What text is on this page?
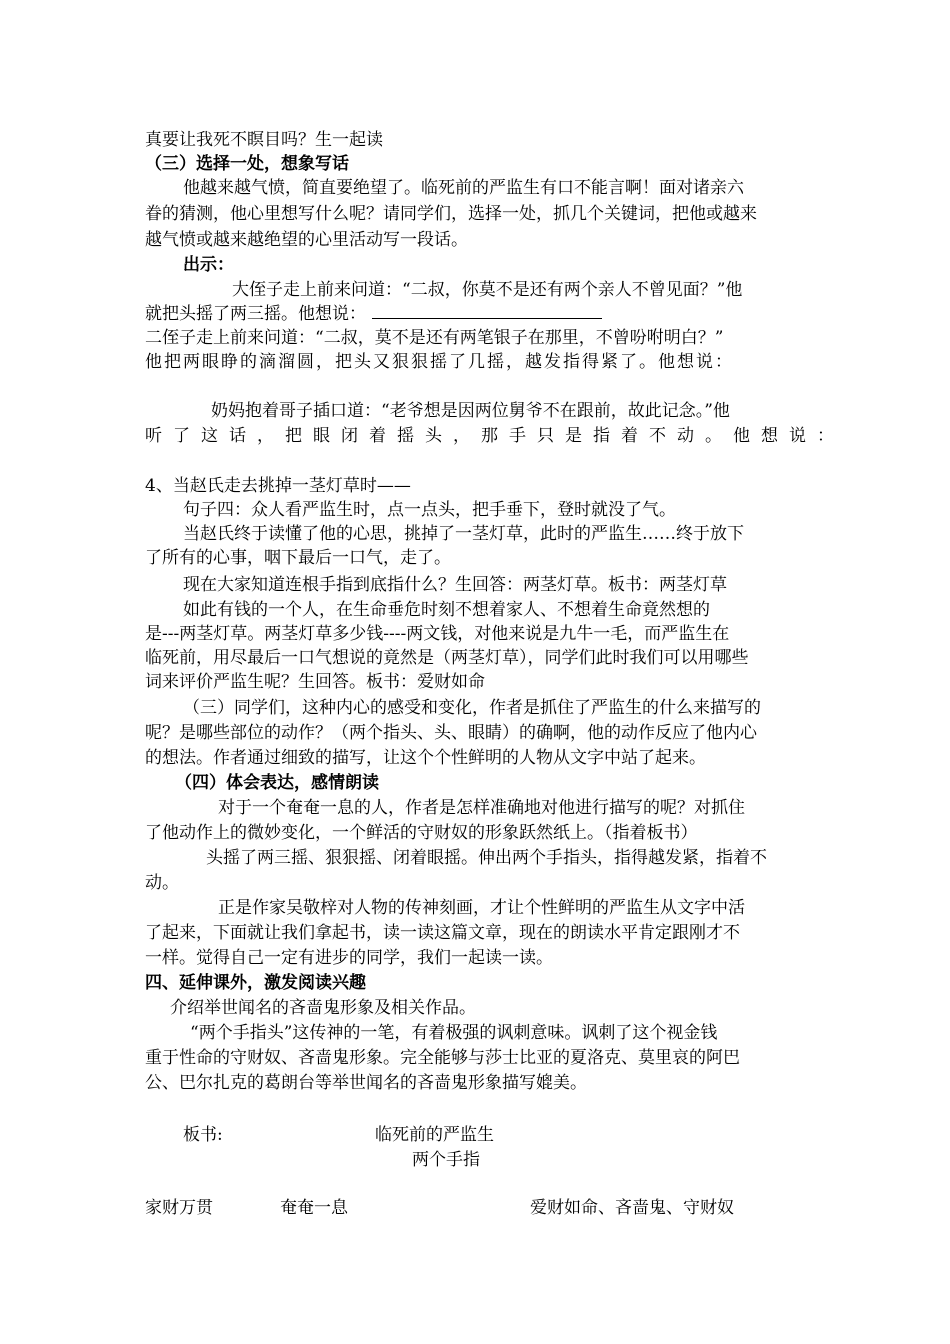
真要让我死不瞑目吗？生一起读
（三）选择一处，想象写话
他越来越气愤，简直要绝望了。临死前的严监生有口不能言啊！面对诸亲六
眷的猜测，他心里想写什么呢？请同学们，选择一处，抓几个关键词，把他或越来
越气愤或越来越绝望的心里活动写一段话。
出示：
大侄子走上前来问道：“二叔，你莫不是还有两个亲人不曾见面？”他
就把头摇了两三摇。他想说：
二侄子走上前来问道：“二叔，莫不是还有两笔银子在那里，不曾吩咐明白？”
他把两眼睁的滴溜圆，把头又狠狠摇了几摇，越发指得紧了。他想说：
奶妈抱着哥子插口道：“老爷想是因两位舅爷不在跟前，故此记念。”他
听了这话，把眼闭着摇头，那手只是指着不动。他想说：
4、当赵氏走去挑掉一茎灯草时——
句子四：众人看严监生时，点一点头，把手垂下，登时就没了气。
当赵氏终于读懂了他的心思，挑掉了一茎灯草，此时的严监生……终于放下
了所有的心事，咽下最后一口气，走了。
现在大家知道连根手指到底指什么？生回答：两茎灯草。板书：两茎灯草
如此有钱的一个人，在生命垂危时刻不想着家人、不想着生命竟然想的
是---两茎灯草。两茎灯草多少钱----两文钱，对他来说是九牛一毛，而严监生在
临死前，用尽最后一口气想说的竟然是（两茎灯草），同学们此时我们可以用哪些
词来评价严监生呢？生回答。板书：爱财如命
（三）同学们，这种内心的感受和变化，作者是抓住了严监生的什么来描写的
呢？是哪些部位的动作？（两个指头、头、眼睛）的确啊，他的动作反应了他内心
的想法。作者通过细致的描写，让这个个性鲜明的人物从文字中站了起来。
（四）体会表达，感情朗读
对于一个奄奄一息的人，作者是怎样准确地对他进行描写的呢？对抓住
了他动作上的微妙变化，一个鲜活的守财奴的形象跃然纸上。（指着板书）
头摇了两三摇、狠狠摇、闭着眼摇。伸出两个手指头，指得越发紧，指着不
动。
正是作家吴敬梓对人物的传神刻画，才让个性鲜明的严监生从文字中活
了起来，下面就让我们拿起书，读一读这篇文章，现在的朗读水平肯定跟刚才不
一样。觉得自己一定有进步的同学，我们一起读一读。
四、延伸课外，激发阅读兴趣
介绍举世闻名的吝啬鬼形象及相关作品。
“两个手指头”这传神的一笔，有着极强的讽刺意味。讽刺了这个视金钱
重于性命的守财奴、吝啬鬼形象。完全能够与莎士比亚的夏洛克、莫里哀的阿巴
公、巴尔扎克的葛朗台等举世闻名的吝啬鬼形象描写媲美。
板书:	临死前的严监生
两个手指
家财万贯	奄奄一息	爱财如命、吝啬鬼、守财奴
